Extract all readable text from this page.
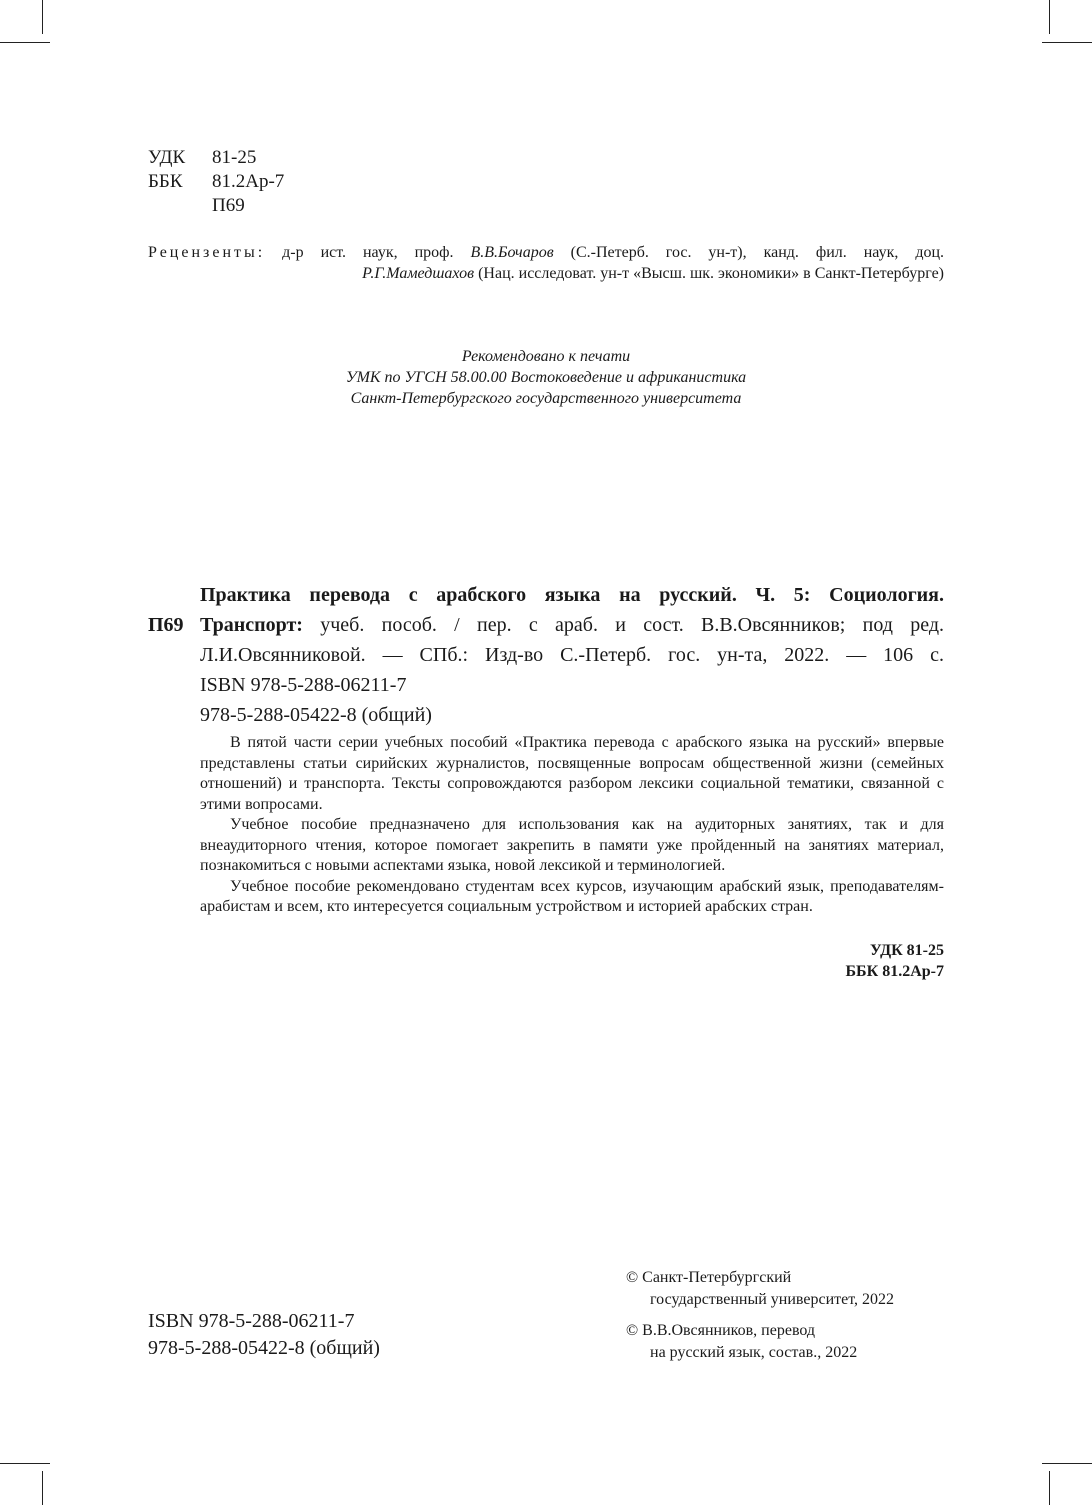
УДК	81-25
ББК	81.2Ар-7
П69
Рецензенты: д-р ист. наук, проф. В.В.Бочаров (С.-Петерб. гос. ун-т), канд. фил. наук, доц.
Р.Г.Мамедшахов (Нац. исследоват. ун-т «Высш. шк. экономики» в Санкт-Петербурге)
Рекомендовано к печати
УМК по УГСН 58.00.00 Востоковедение и африканистика
Санкт-Петербургского государственного университета
П69
Практика перевода с арабского языка на русский. Ч. 5: Социология.
Транспорт: учеб. пособ. / пер. с араб. и сост. В.В.Овсянников; под ред.
Л.И.Овсянниковой. — СПб.: Изд-во С.-Петерб. гос. ун-та, 2022. — 106 с.
ISBN 978-5-288-06211-7
978-5-288-05422-8 (общий)

В пятой части серии учебных пособий «Практика перевода с арабского языка на русский» впервые представлены статьи сирийских журналистов, посвященные вопросам общественной жизни (семейных отношений) и транспорта. Тексты сопровождаются разбором лексики социальной тематики, связанной с этими вопросами.

Учебное пособие предназначено для использования как на аудиторных занятиях, так и для внеаудиторного чтения, которое помогает закрепить в памяти уже пройденный на занятиях материал, познакомиться с новыми аспектами языка, новой лексикой и терминологией.

Учебное пособие рекомендовано студентам всех курсов, изучающим арабский язык, преподавателям-арабистам и всем, кто интересуется социальным устройством и историей арабских стран.

УДК 81-25
ББК 81.2Ар-7
ISBN 978-5-288-06211-7
978-5-288-05422-8 (общий)
© Санкт-Петербургский
государственный университет, 2022
© В.В.Овсянников, перевод
на русский язык, состав., 2022
